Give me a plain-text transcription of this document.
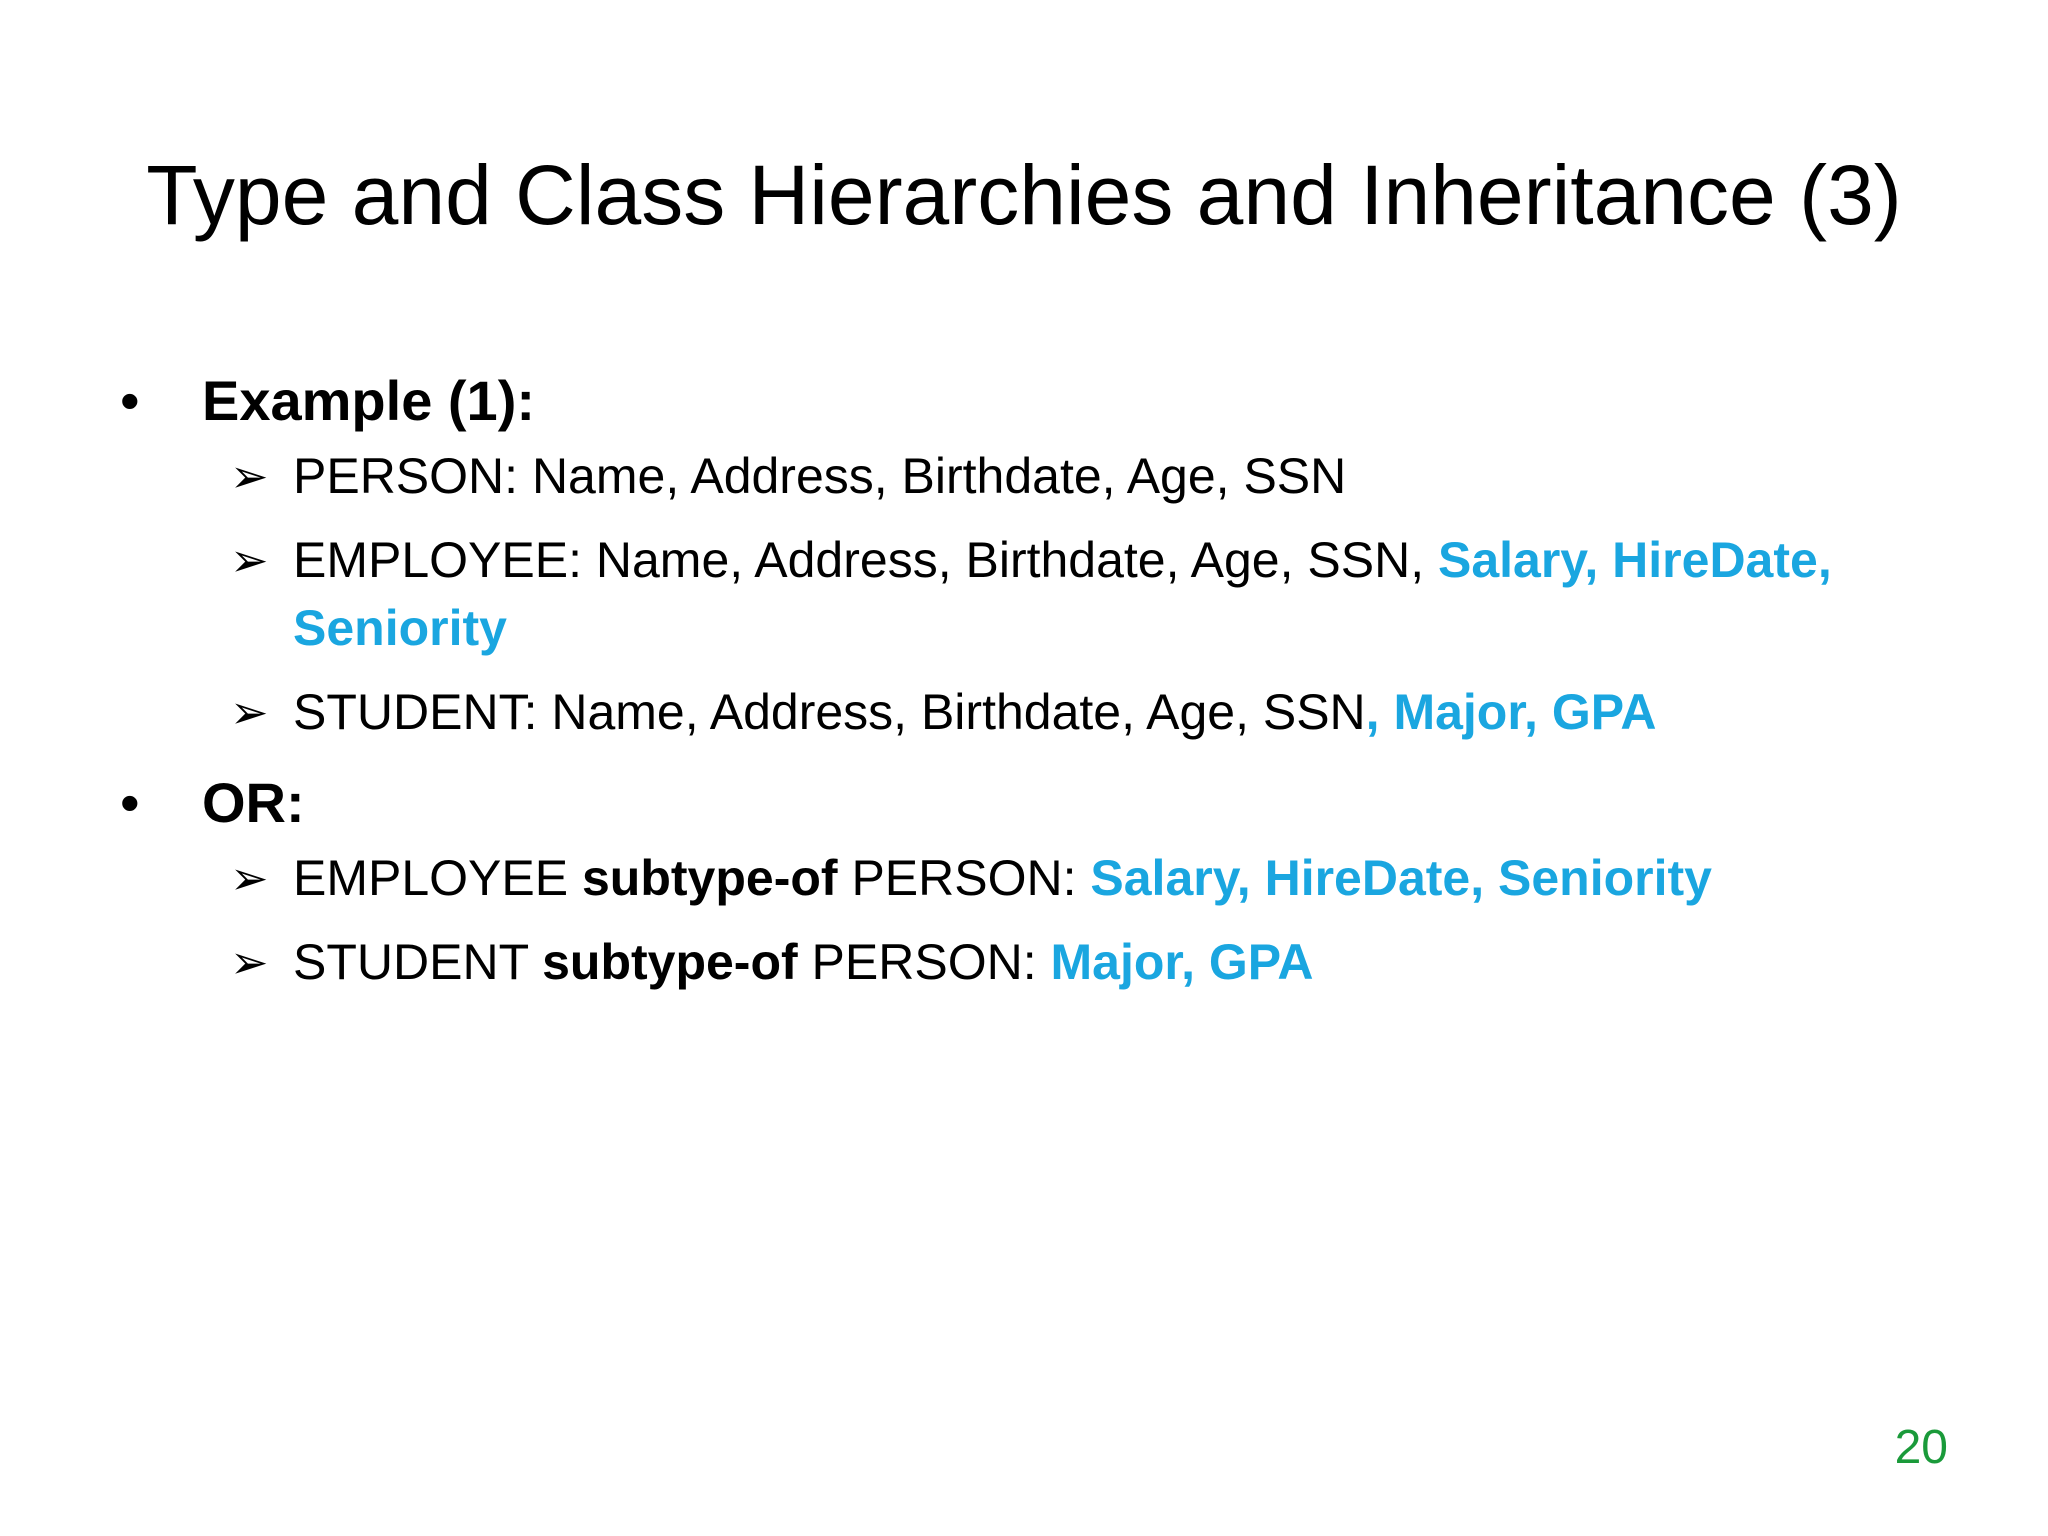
Type and Class Hierarchies and Inheritance (3)
• Example (1):
➢ PERSON: Name, Address, Birthdate, Age, SSN
➢ EMPLOYEE: Name, Address, Birthdate, Age, SSN, Salary, HireDate, Seniority
➢ STUDENT: Name, Address, Birthdate, Age, SSN, Major, GPA
• OR:
➢ EMPLOYEE subtype-of PERSON: Salary, HireDate, Seniority
➢ STUDENT subtype-of PERSON: Major, GPA
20
